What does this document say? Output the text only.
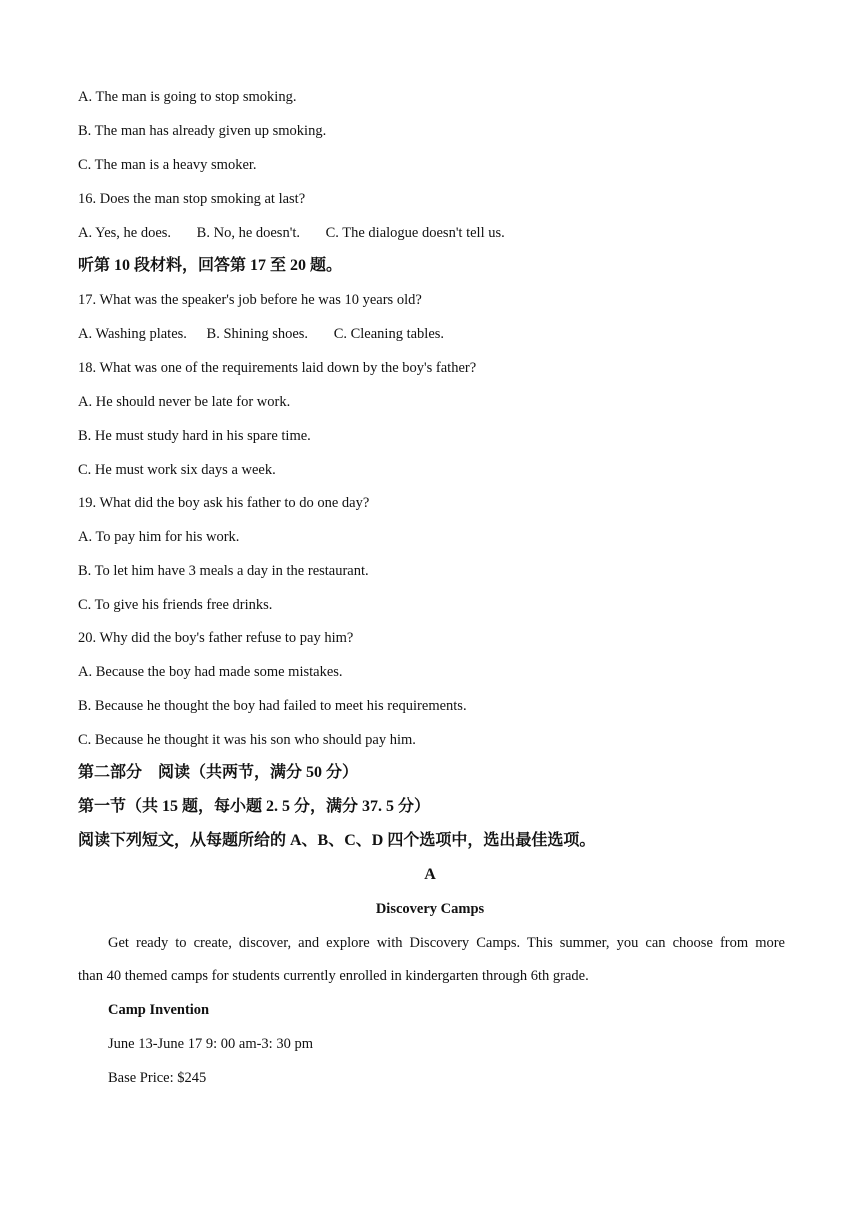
A. The man is going to stop smoking.

B. The man has already given up smoking.

C. The man is a heavy smoker.

16. Does the man stop smoking at last?

A. Yes, he does. B. No, he doesn't. C. The dialogue doesn't tell us.

听第 10 段材料，回答第 17 至 20 题。

17. What was the speaker's job before he was 10 years old?

A. Washing plates. B. Shining shoes. C. Cleaning tables.

18. What was one of the requirements laid down by the boy's father?

A. He should never be late for work.

B. He must study hard in his spare time.

C. He must work six days a week.

19. What did the boy ask his father to do one day?

A. To pay him for his work.

B. To let him have 3 meals a day in the restaurant.

C. To give his friends free drinks.

20. Why did the boy's father refuse to pay him?

A. Because the boy had made some mistakes.

B. Because he thought the boy had failed to meet his requirements.

C. Because he thought it was his son who should pay him.

第二部分　阅读（共两节，满分 50 分）

第一节（共 15 题，每小题 2. 5 分，满分 37. 5 分）

阅读下列短文，从每题所给的 A、B、C、D 四个选项中，选出最佳选项。

A

Discovery Camps

Get ready to create, discover, and explore with Discovery Camps. This summer, you can choose from more

than 40 themed camps for students currently enrolled in kindergarten through 6th grade.

Camp Invention

June 13-June 17 9: 00 am-3: 30 pm

Base Price: $245
